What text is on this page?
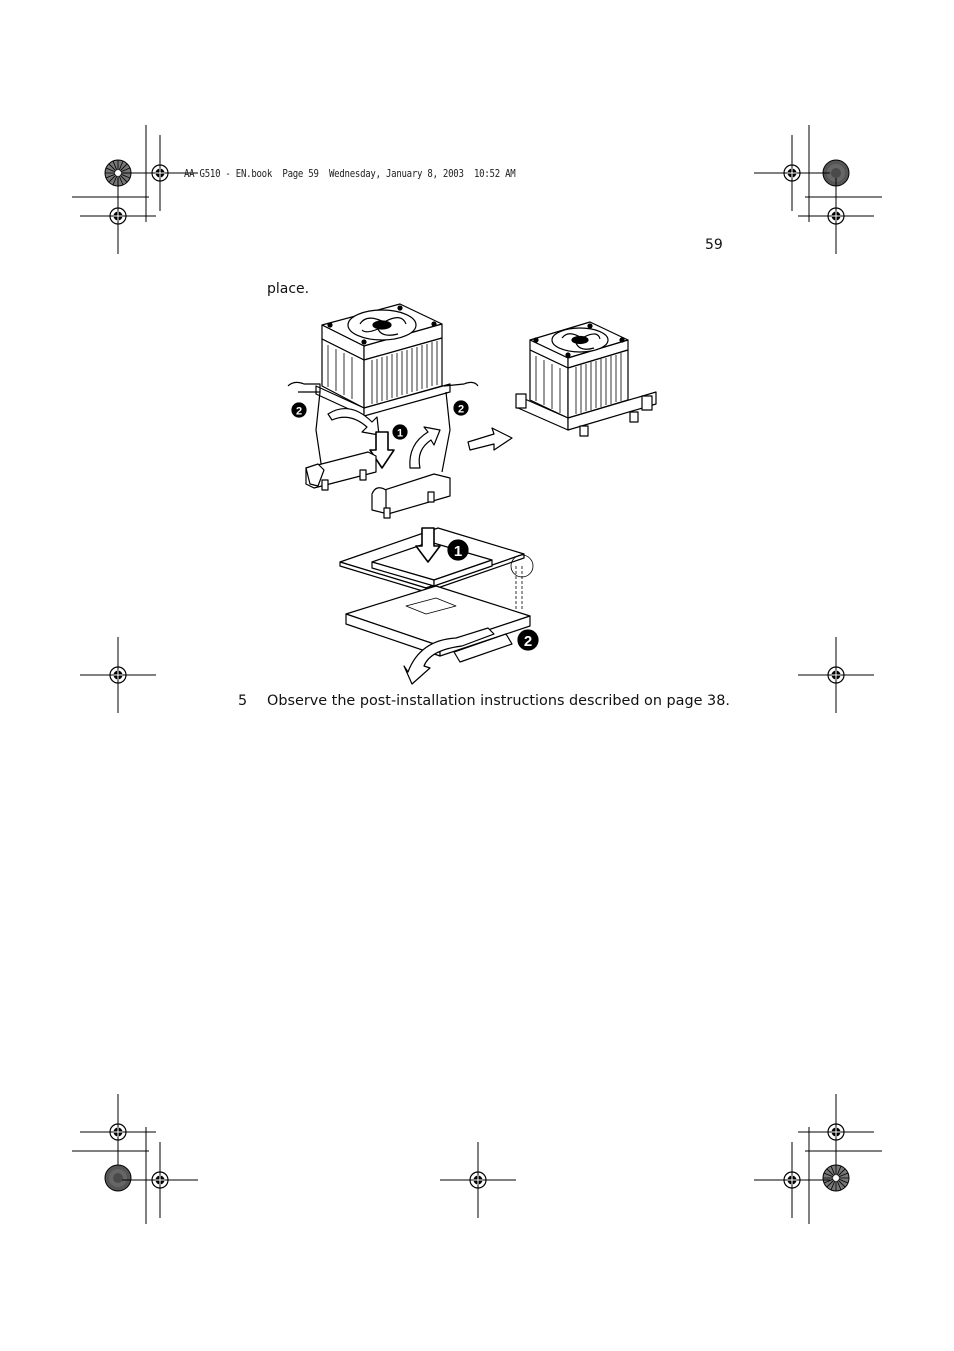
AA G510 - EN.book  Page 59  Wednesday, January 8, 2003  10:52 AM
59
place.
2	2
1
1
2
5 Observe the post-installation instructions described on page 38.
